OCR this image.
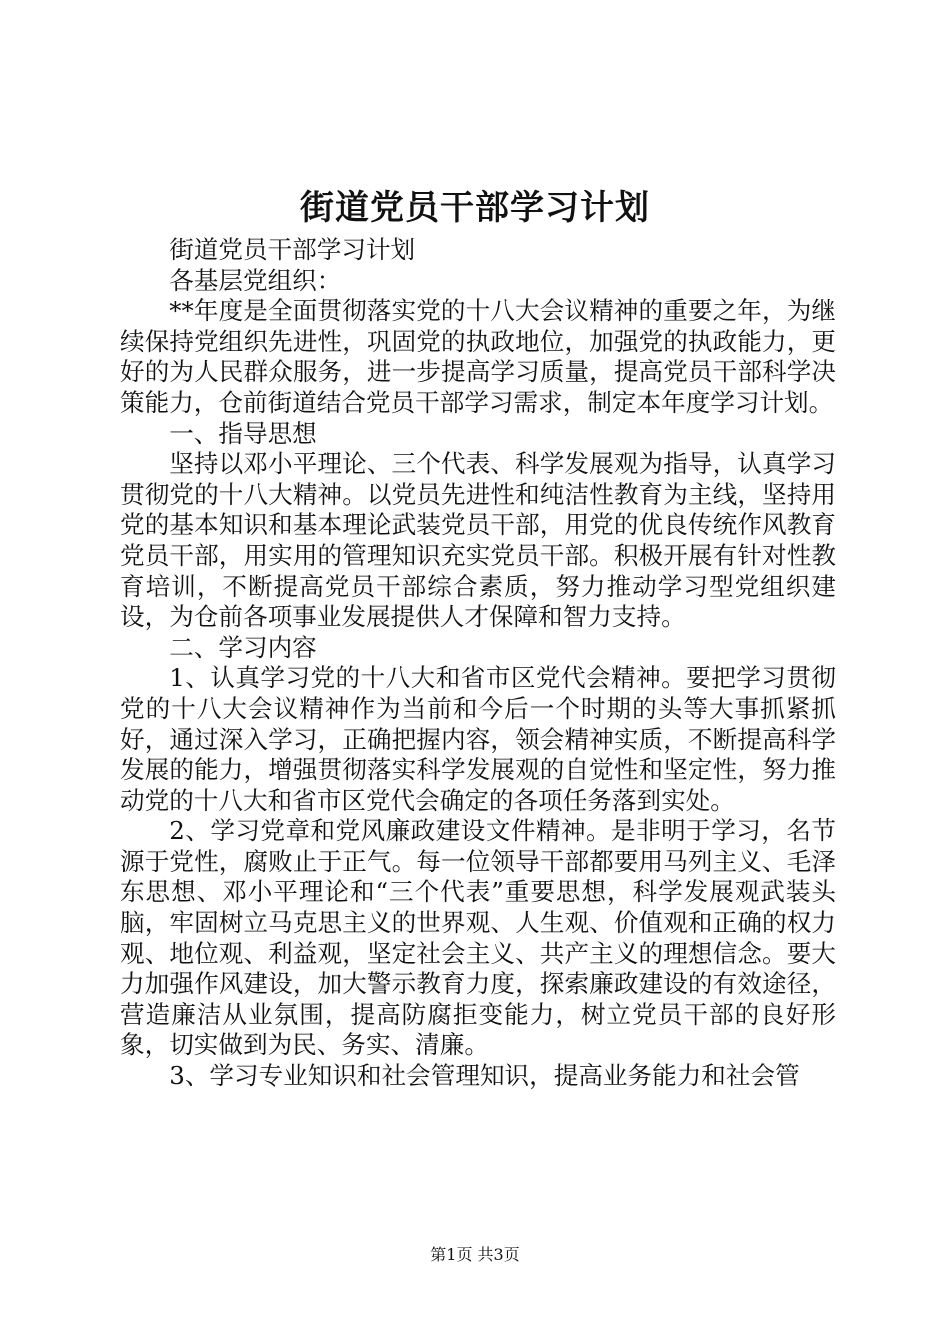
街道党员干部学习计划

街道党员干部学习计划

各基层党组织：

**年度是全面贯彻落实党的十八大会议精神的重要之年，为继续保持党组织先进性，巩固党的执政地位，加强党的执政能力，更好的为人民群众服务，进一步提高学习质量，提高党员干部科学决策能力，仓前街道结合党员干部学习需求，制定本年度学习计划。

一、指导思想

坚持以邓小平理论、三个代表、科学发展观为指导，认真学习贯彻党的十八大精神。以党员先进性和纯洁性教育为主线，坚持用党的基本知识和基本理论武装党员干部，用党的优良传统作风教育党员干部，用实用的管理知识充实党员干部。积极开展有针对性教育培训，不断提高党员干部综合素质，努力推动学习型党组织建设，为仓前各项事业发展提供人才保障和智力支持。

二、学习内容

1、认真学习党的十八大和省市区党代会精神。要把学习贯彻党的十八大会议精神作为当前和今后一个时期的头等大事抓紧抓好，通过深入学习，正确把握内容，领会精神实质，不断提高科学发展的能力，增强贯彻落实科学发展观的自觉性和坚定性，努力推动党的十八大和省市区党代会确定的各项任务落到实处。

2、学习党章和党风廉政建设文件精神。是非明于学习，名节源于党性，腐败止于正气。每一位领导干部都要用马列主义、毛泽东思想、邓小平理论和“三个代表”重要思想，科学发展观武装头脑，牢固树立马克思主义的世界观、人生观、价值观和正确的权力观、地位观、利益观，坚定社会主义、共产主义的理想信念。要大力加强作风建设，加大警示教育力度，探索廉政建设的有效途径，营造廉洁从业氛围，提高防腐拒变能力，树立党员干部的良好形象，切实做到为民、务实、清廉。

3、学习专业知识和社会管理知识，提高业务能力和社会管

第1页 共3页
